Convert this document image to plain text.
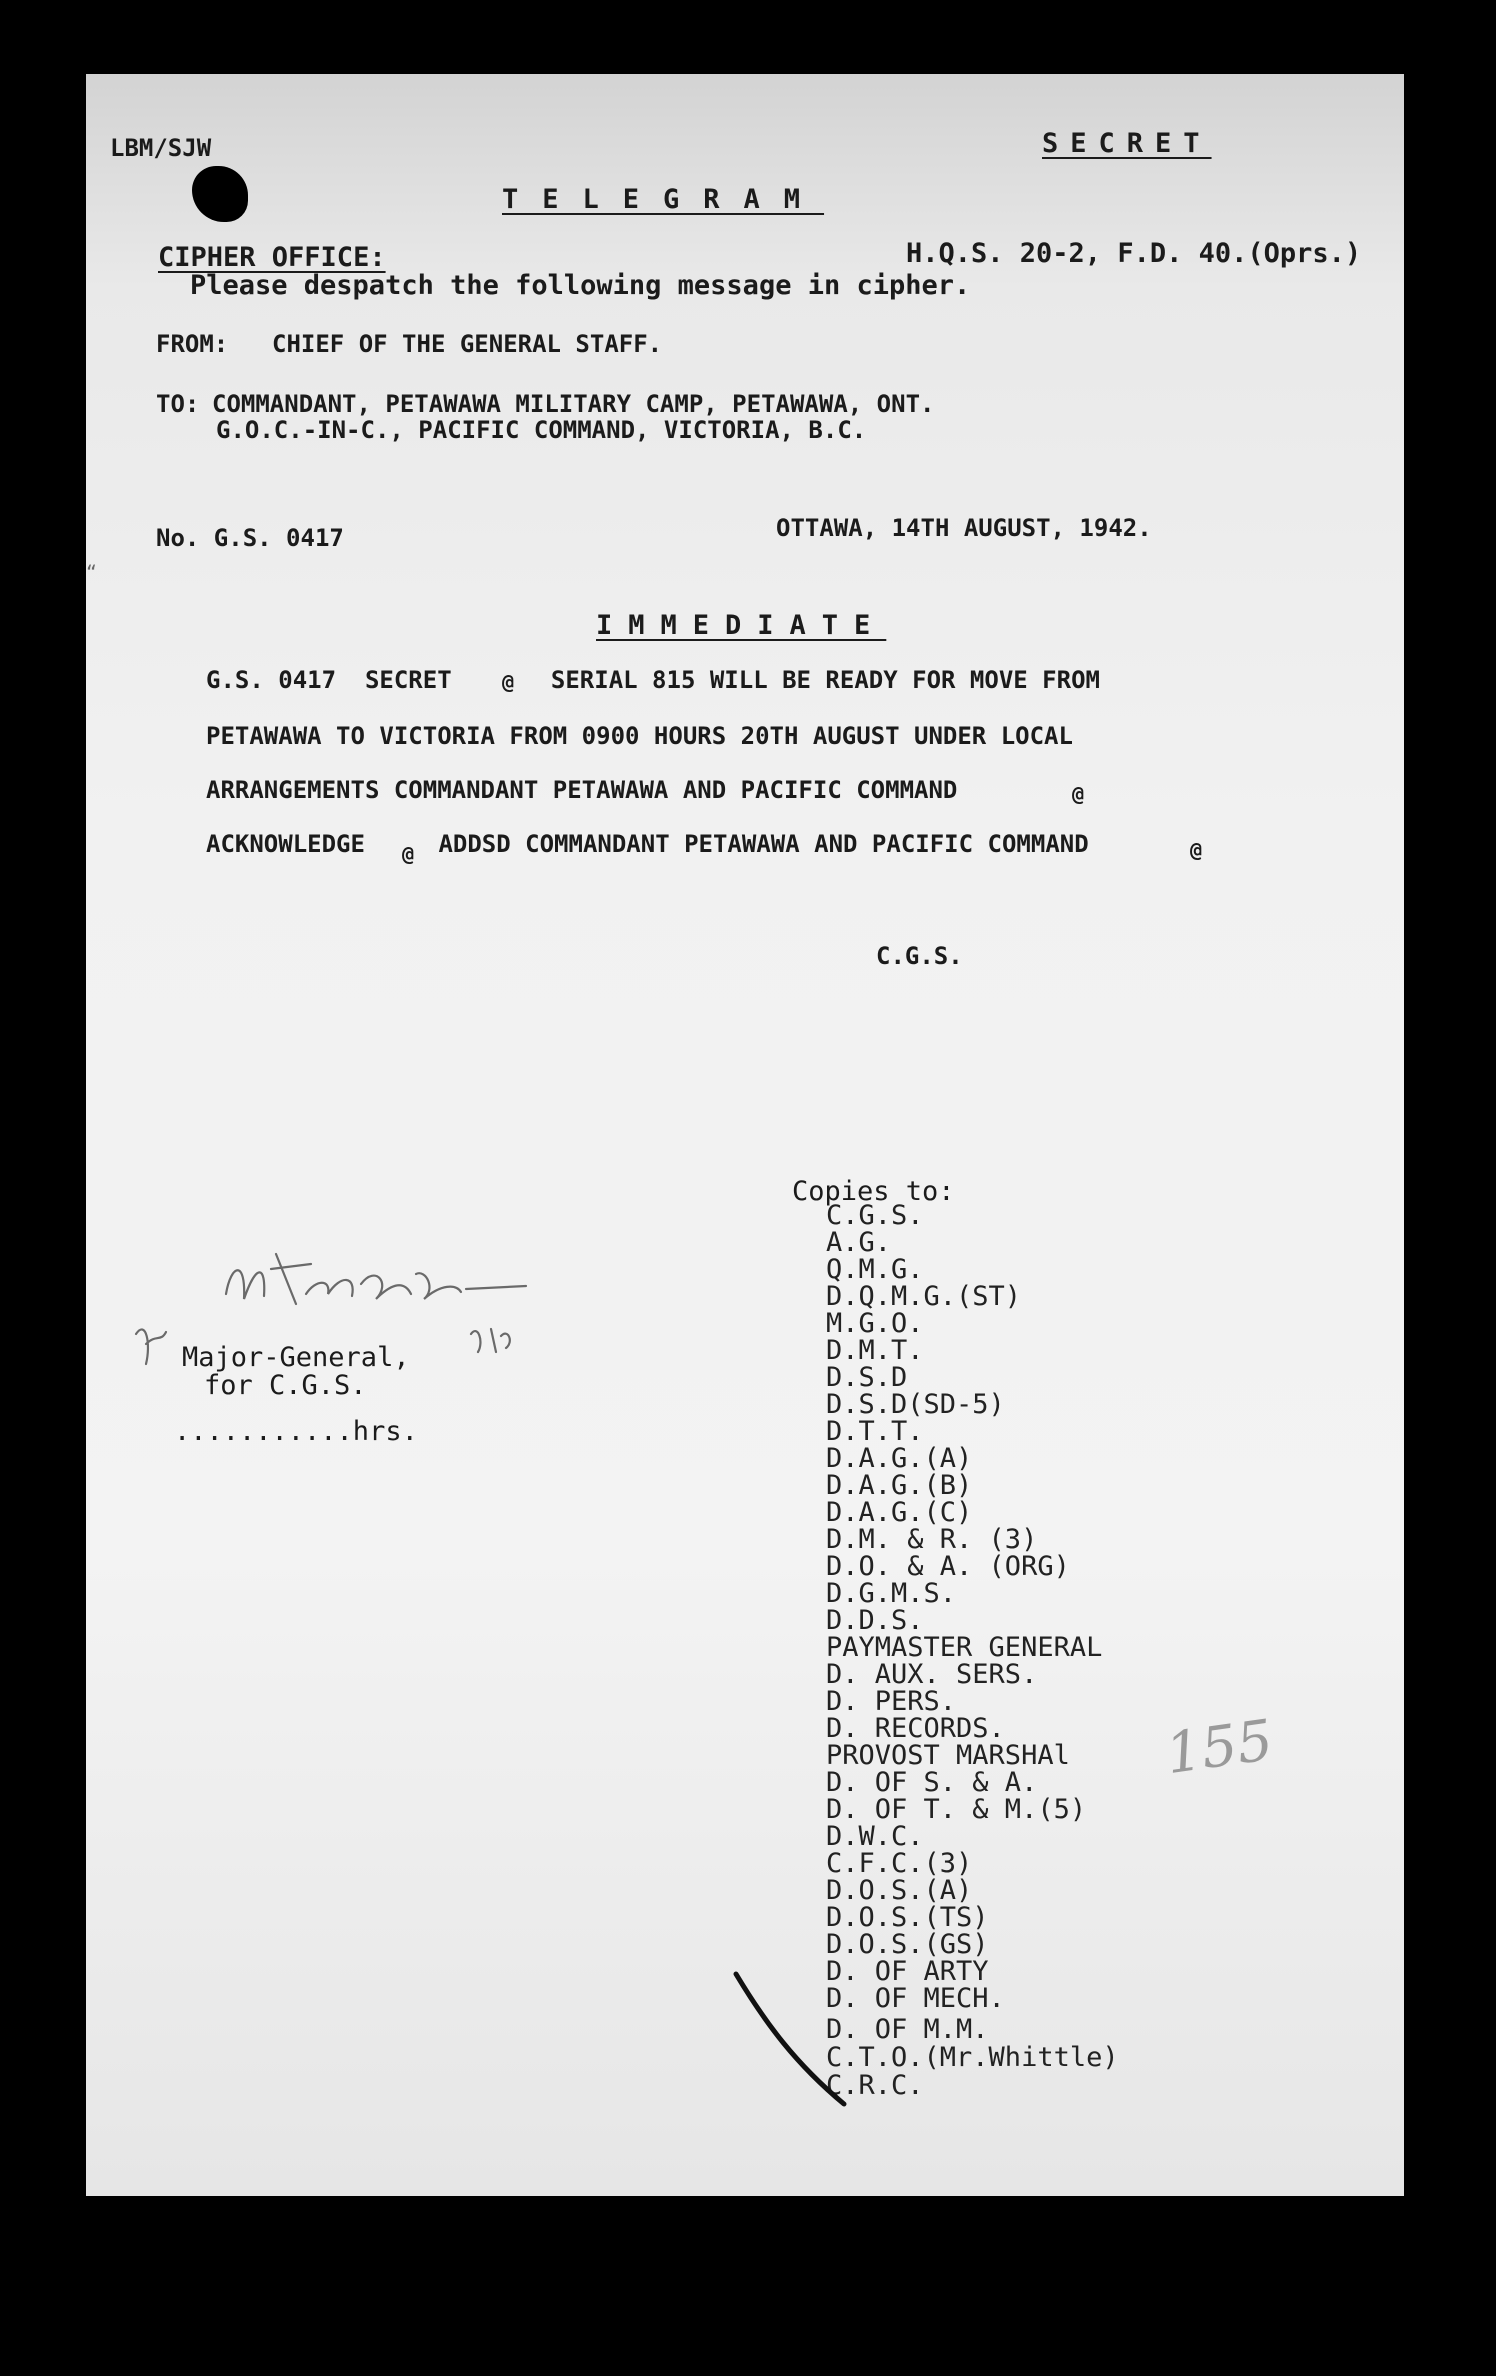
“
LBM/SJW	SECRET
TELEGRAM
CIPHER OFFICE:	H.Q.S. 20-2, F.D. 40.(Oprs.)
Please despatch the following message in cipher.
FROM: CHIEF OF THE GENERAL STAFF.
TO: COMMANDANT, PETAWAWA MILITARY CAMP, PETAWAWA, ONT.
G.O.C.-IN-C., PACIFIC COMMAND, VICTORIA, B.C.
No. G.S. 0417	OTTAWA, 14TH AUGUST, 1942.
IMMEDIATE
G.S. 0417  SECRET @ SERIAL 815 WILL BE READY FOR MOVE FROM
PETAWAWA TO VICTORIA FROM 0900 HOURS 20TH AUGUST UNDER LOCAL
ARRANGEMENTS COMMANDANT PETAWAWA AND PACIFIC COMMAND	@
ACKNOWLEDGE @ ADDSD COMMANDANT PETAWAWA AND PACIFIC COMMAND	@
C.G.S.
Major-General,
for C.G.S.
...........hrs.
Copies to:
C.G.S.
A.G.
Q.M.G.
D.Q.M.G.(ST)
M.G.O.
D.M.T.
D.S.D
D.S.D(SD-5)
D.T.T.
D.A.G.(A)
D.A.G.(B)
D.A.G.(C)
D.M. & R. (3)
D.O. & A. (ORG)
D.G.M.S.
D.D.S.
PAYMASTER GENERAL
D. AUX. SERS.
D. PERS.
D. RECORDS.
PROVOST MARSHAl
D. OF S. & A.
D. OF T. & M.(5)
D.W.C.
C.F.C.(3)
D.O.S.(A)
D.O.S.(TS)
D.O.S.(GS)
D. OF ARTY
D. OF MECH.
D. OF M.M.
C.T.O.(Mr.Whittle)
C.R.C.
155
